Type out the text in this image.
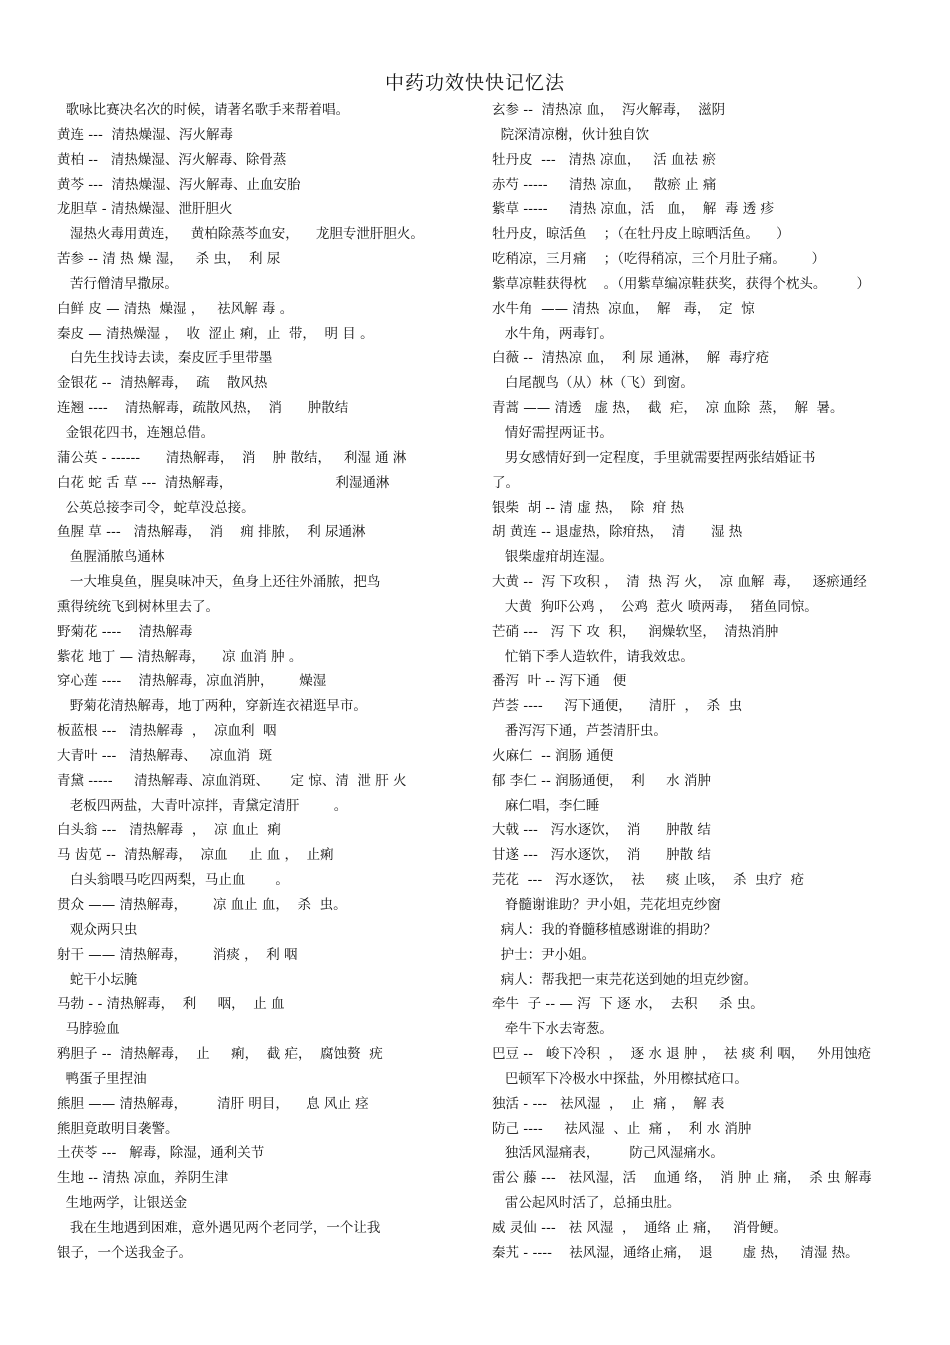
中药功效快快记忆法
歌咏比赛决名次的时候，请著名歌手来帮着唱。
黄连 ---  清热燥湿、泻火解毒
黄柏 --   清热燥湿、泻火解毒、除骨蒸
黄芩 ---  清热燥湿、泻火解毒、止血安胎
龙胆草 - 清热燥湿、泄肝胆火
湿热火毒用黄连，   黄柏除蒸芩血安，    龙胆专泄肝胆火。
苦参 -- 清 热 燥 湿，   杀 虫，  利 尿
苦行僧清早撒尿。
白鲜 皮 — 清热  燥湿 ，   祛风解 毒 。
秦皮 — 清热燥湿 ，  收  涩止 痢，止  带，  明 目 。
白先生找诗去读，秦皮匠手里带墨
金银花 --  清热解毒，  疏    散风热
连翘 ----    清热解毒，疏散风热，  消      肿散结
金银花四书，连翘总借。
蒲公英 - ------      清热解毒，  消    肿 散结，   利湿 通 淋
白花 蛇 舌 草 ---  清热解毒，                        利湿通淋
公英总接李司令，蛇草没总接。
鱼腥 草 ---   清热解毒，  消    痈 排脓，  利 尿通淋
鱼腥涌脓鸟通林
一大堆臭鱼，腥臭味冲天，鱼身上还往外涌脓，把鸟
熏得统统飞到树林里去了。
野菊花 ----    清热解毒
紫花 地丁 — 清热解毒，    凉 血消 肿 。
穿心莲 ----    清热解毒，凉血消肿，      燥湿
野菊花清热解毒，地丁两种，穿新连衣裙逛早市。
板蓝根 ---   清热解毒  ，  凉血利  咽
大青叶 ---   清热解毒、   凉血消  斑
青黛 -----     清热解毒、凉血消斑、     定 惊、清  泄 肝 火
老板四两盐，大青叶凉拌，青黛定清肝        。
白头翁 ---   清热解毒  ，  凉 血止  痢
马 齿苋 --  清热解毒，  凉血     止 血 ，  止痢
白头翁喂马吃四两梨，马止血       。
贯众 —— 清热解毒，      凉 血止 血，  杀  虫。
观众两只虫
射干 —— 清热解毒，      消痰 ，  利 咽
蛇干小坛腌
马勃 - - 清热解毒，  利     咽，  止 血
马脖验血
鸦胆子 --  清热解毒，  止     痢，  截 疟，  腐蚀赘  疣
鸭蛋子里捏油
熊胆 —— 清热解毒，       清肝 明目，    息 风止 痉
熊胆竟敢明目袭警。
土茯苓 ---   解毒，除湿，通利关节
生地 -- 清热 凉血，养阴生津
生地两学，让银送金
我在生地遇到困难，意外遇见两个老同学，一个让我
银子，一个送我金子。
玄参 --  清热凉 血，  泻火解毒，  滋阴
院深清凉榭，伙计独自饮
牡丹皮  ---   清热 凉血，   活 血祛 瘀
赤芍 -----     清热 凉血，   散瘀 止 痛
紫草 -----     清热 凉血，活   血，  解  毒 透 疹
牡丹皮，晾活鱼    ；（在牡丹皮上晾晒活鱼。    ）
吃稍凉，三月痛    ；（吃得稍凉，三个月肚子痛。      ）
紫草凉鞋获得枕    。（用紫草编凉鞋获奖，获得个枕头。       ）
水牛角  —— 清热  凉血，  解   毒，  定  惊
水牛角，两毒钉。
白薇 --  清热凉 血，  利 尿 通淋，  解  毒疗疮
白尾靓鸟（从）林（飞）到窗。
青蒿 —— 清透   虚 热，  截  疟，  凉 血除  蒸，  解  暑。
情好需捏两证书。
男女感情好到一定程度，手里就需要捏两张结婚证书
了。
银柴  胡 -- 清 虚 热，  除  疳 热
胡 黄连 -- 退虚热，除疳热，  清      湿 热
银柴虚疳胡连湿。
大黄 --  泻 下攻积 ，  清  热 泻 火，  凉 血解  毒，   逐瘀通经
大黄  狗吓公鸡 ，  公鸡  惹火 喷两毒，  猪鱼同惊。
芒硝 ---   泻 下 攻  积，   润燥软坚，  清热消肿
忙销下季人造软件，请我效忠。
番泻  叶 -- 泻下通   便
芦荟 ----     泻下通便，    清肝  ，  杀  虫
番泻泻下通，芦荟清肝虫。
火麻仁  -- 润肠 通便
郁 李仁 -- 润肠通便，  利     水 消肿
麻仁唱，李仁睡
大戟 ---   泻水逐饮，  消      肿散 结
甘遂 ---   泻水逐饮，  消      肿散 结
芫花  ---   泻水逐饮，  祛     痰 止咳，  杀  虫疗  疮
脊髓谢谁助？尹小姐，芫花坦克纱窗
病人：我的脊髓移植感谢谁的捐助？
护士：尹小姐。
病人：帮我把一束芫花送到她的坦克纱窗。
牵牛  子 -- — 泻  下 逐 水，  去积     杀 虫。
牵牛下水去寄葱。
巴豆 --   峻下冷积  ，  逐 水 退 肿 ，  祛 痰 利 咽，   外用蚀疮
巴顿军下冷极水中探盐，外用檫拭疮口。
独活 - ---   祛风湿  ，  止  痛 ，  解 表
防己 ----     祛风湿  、止  痛 ，  利 水 消肿
独活风湿痛表，       防己风湿痛水。
雷公 藤 ---   祛风湿，活    血通 络，  消 肿 止 痛，  杀 虫 解毒
雷公起风时活了，总捅虫肚。
威 灵仙 ---   祛 风湿  ，  通络 止 痛，   消骨鲠。
秦艽 - ----    祛风湿，通络止痛，  退       虚 热，   清湿 热。
